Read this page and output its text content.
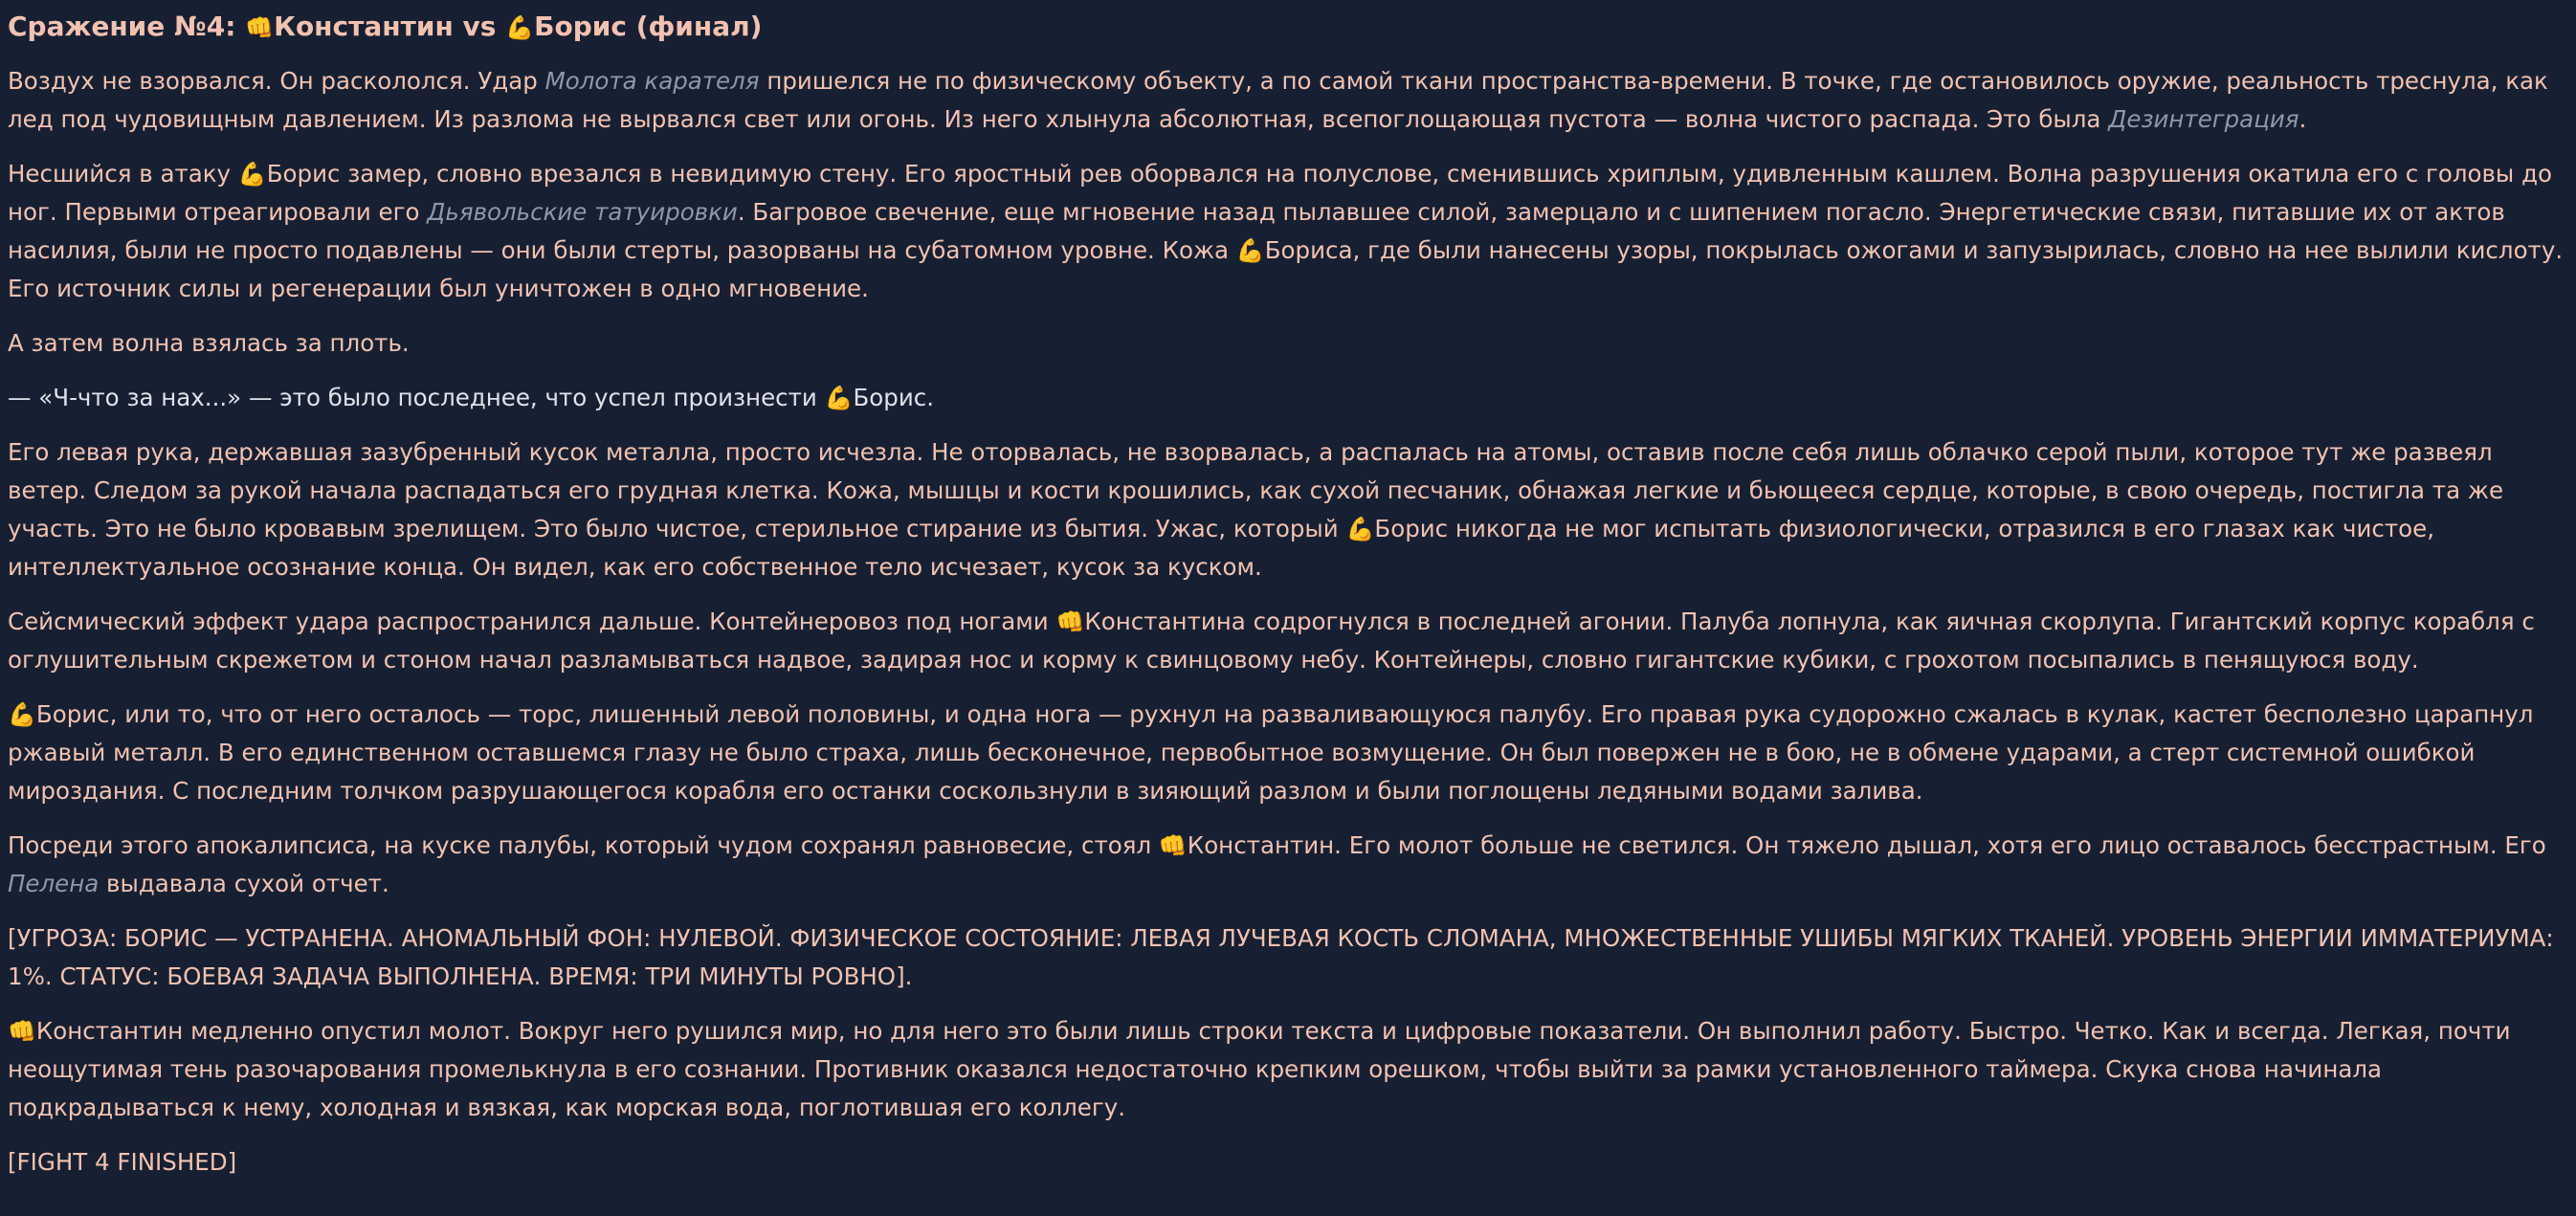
Сражение №4: 👊Константин vs 💪Борис (финал)
Воздух не взорвался. Он раскололся. Удар Молота карателя пришелся не по физическому объекту, а по самой ткани пространства-времени. В точке, где остановилось оружие, реальность треснула, как лед под чудовищным давлением. Из разлома не вырвался свет или огонь. Из него хлынула абсолютная, всепоглощающая пустота — волна чистого распада. Это была Дезинтеграция.
Несшийся в атаку 💪Борис замер, словно врезался в невидимую стену. Его яростный рев оборвался на полуслове, сменившись хриплым, удивленным кашлем. Волна разрушения окатила его с головы до ног. Первыми отреагировали его Дьявольские татуировки. Багровое свечение, еще мгновение назад пылавшее силой, замерцало и с шипением погасло. Энергетические связи, питавшие их от актов насилия, были не просто подавлены — они были стерты, разорваны на субатомном уровне. Кожа 💪Бориса, где были нанесены узоры, покрылась ожогами и запузырилась, словно на нее вылили кислоту. Его источник силы и регенерации был уничтожен в одно мгновение.
А затем волна взялась за плоть.
— «Ч-что за нах...» — это было последнее, что успел произнести 💪Борис.
Его левая рука, державшая зазубренный кусок металла, просто исчезла. Не оторвалась, не взорвалась, а распалась на атомы, оставив после себя лишь облачко серой пыли, которое тут же развеял ветер. Следом за рукой начала распадаться его грудная клетка. Кожа, мышцы и кости крошились, как сухой песчаник, обнажая легкие и бьющееся сердце, которые, в свою очередь, постигла та же участь. Это не было кровавым зрелищем. Это было чистое, стерильное стирание из бытия. Ужас, который 💪Борис никогда не мог испытать физиологически, отразился в его глазах как чистое, интеллектуальное осознание конца. Он видел, как его собственное тело исчезает, кусок за куском.
Сейсмический эффект удара распространился дальше. Контейнеровоз под ногами 👊Константина содрогнулся в последней агонии. Палуба лопнула, как яичная скорлупа. Гигантский корпус корабля с оглушительным скрежетом и стоном начал разламываться надвое, задирая нос и корму к свинцовому небу. Контейнеры, словно гигантские кубики, с грохотом посыпались в пенящуюся воду.
💪Борис, или то, что от него осталось — торс, лишенный левой половины, и одна нога — рухнул на разваливающуюся палубу. Его правая рука судорожно сжалась в кулак, кастет бесполезно царапнул ржавый металл. В его единственном оставшемся глазу не было страха, лишь бесконечное, первобытное возмущение. Он был повержен не в бою, не в обмене ударами, а стерт системной ошибкой мироздания. С последним толчком разрушающегося корабля его останки соскользнули в зияющий разлом и были поглощены ледяными водами залива.
Посреди этого апокалипсиса, на куске палубы, который чудом сохранял равновесие, стоял 👊Константин. Его молот больше не светился. Он тяжело дышал, хотя его лицо оставалось бесстрастным. Его Пелена выдавала сухой отчет.
[УГРОЗА: БОРИС — УСТРАНЕНА. АНОМАЛЬНЫЙ ФОН: НУЛЕВОЙ. ФИЗИЧЕСКОЕ СОСТОЯНИЕ: ЛЕВАЯ ЛУЧЕВАЯ КОСТЬ СЛОМАНА, МНОЖЕСТВЕННЫЕ УШИБЫ МЯГКИХ ТКАНЕЙ. УРОВЕНЬ ЭНЕРГИИ ИММАТЕРИУМА: 1%. СТАТУС: БОЕВАЯ ЗАДАЧА ВЫПОЛНЕНА. ВРЕМЯ: ТРИ МИНУТЫ РОВНО].
👊Константин медленно опустил молот. Вокруг него рушился мир, но для него это были лишь строки текста и цифровые показатели. Он выполнил работу. Быстро. Четко. Как и всегда. Легкая, почти неощутимая тень разочарования промелькнула в его сознании. Противник оказался недостаточно крепким орешком, чтобы выйти за рамки установленного таймера. Скука снова начинала подкрадываться к нему, холодная и вязкая, как морская вода, поглотившая его коллегу.
[FIGHT 4 FINISHED]
